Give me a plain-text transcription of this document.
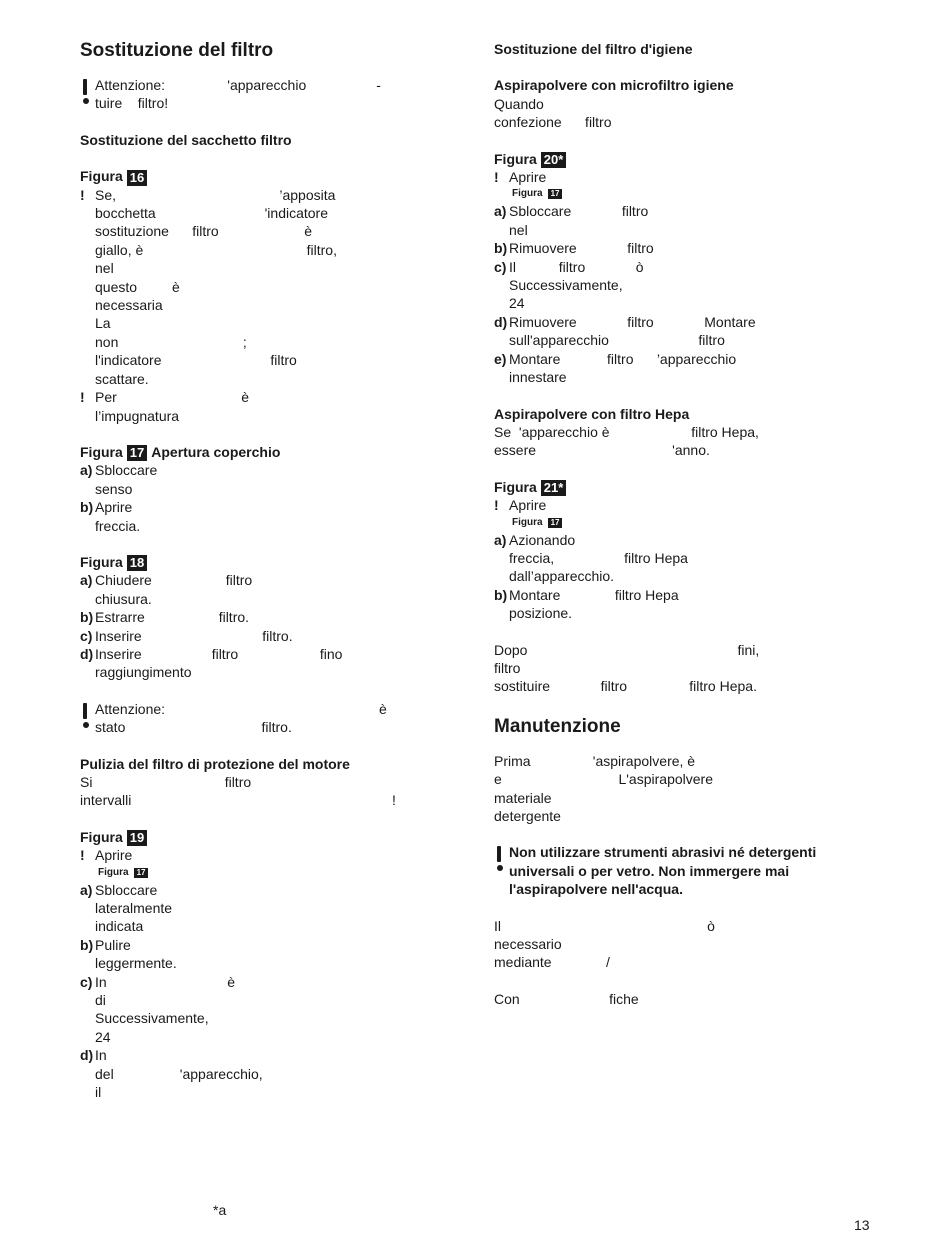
Sostituzione del filtro
Attenzione:                '​apparecchio                  -
tuire    filtro!
Sostituzione del sacchetto filtro
Figura 16
! Se,                                          ’apposita
bocchetta                            'indicatore
sostituzione      filtro                      è
giallo, è                                          filtro,
nel
questo         è
necessaria
La
non                                ;
l'indicatore                            filtro
scattare.
! Per                                è
l’impugnatura
Figura 17 Apertura coperchio
a) Sbloccare
senso
b) Aprire
freccia.
Figura 18
a) Chiudere                   filtro
chiusura.
b) Estrarre                   filtro.
c) Inserire                               filtro.
d) Inserire                  filtro                     fino
raggiungimento
Attenzione:                                                       è
stato                                   filtro.
Pulizia del filtro di protezione del motore
Si                                  filtro
intervalli                                                                   !
Figura 19
! Aprire
Figura	17
a) Sbloccare
lateralmente
indicata
b) Pulire
leggermente.
c) In                               è
di
Successivamente,
24
d) In
del                 'apparecchio,
il
Sostituzione del filtro d'igiene
Aspirapolvere con microfiltro igiene
Quando
confezione      filtro
Figura 20*
! Aprire
Figura	17
a) Sbloccare             filtro
nel
b) Rimuovere             filtro
c) Il           filtro             ò
Successivamente,
24
d) Rimuovere             filtro             Montare
sull'apparecchio                       filtro
e) Montare            filtro      ’apparecchio
innestare
Aspirapolvere con filtro Hepa
Se  'apparecchio è                     filtro Hepa,
essere                                   'anno.
Figura 21*
! Aprire
Figura	17
a) Azionando
freccia,                  filtro Hepa
dall’apparecchio.
b) Montare              filtro Hepa
posizione.
Dopo                                                      fini,
filtro
sostituire             filtro                filtro Hepa.
Manutenzione
Prima                'aspirapolvere, è
e                              L'aspirapolvere
materiale
detergente
Non utilizzare strumenti abrasivi né detergenti
universali o per vetro. Non immergere mai
l'aspirapolvere nell'acqua.
Il                                                     ò
necessario
mediante              /
Con                       fiche
*a
13
